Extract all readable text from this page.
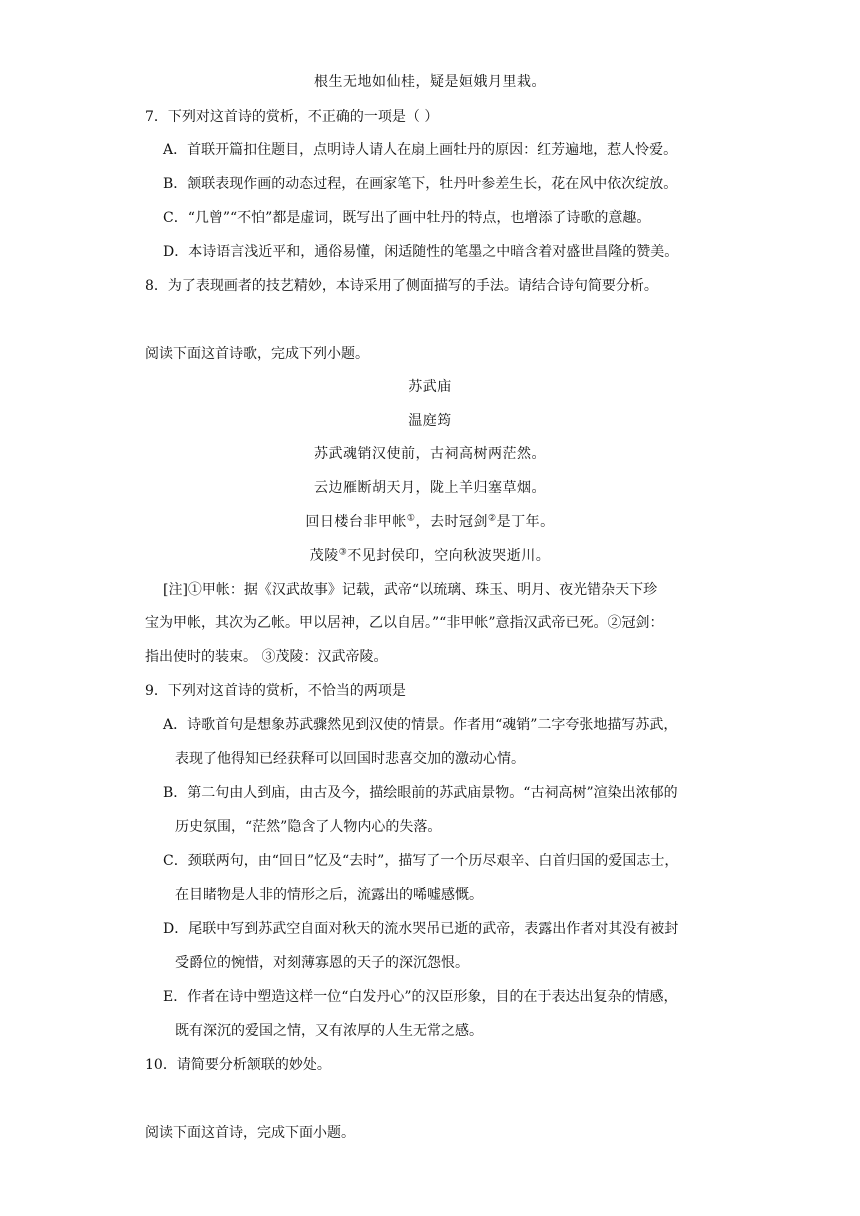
根生无地如仙桂，疑是姮娥月里栽。
7．下列对这首诗的赏析，不正确的一项是（ ）
A．首联开篇扣住题目，点明诗人请人在扇上画牡丹的原因：红芳遍地，惹人怜爱。
B．颔联表现作画的动态过程，在画家笔下，牡丹叶参差生长，花在风中依次绽放。
C．“几曾”“不怕”都是虚词，既写出了画中牡丹的特点，也增添了诗歌的意趣。
D．本诗语言浅近平和，通俗易懂，闲适随性的笔墨之中暗含着对盛世昌隆的赞美。
8．为了表现画者的技艺精妙，本诗采用了侧面描写的手法。请结合诗句简要分析。
阅读下面这首诗歌，完成下列小题。
苏武庙
温庭筠
苏武魂销汉使前，古祠高树两茫然。
云边雁断胡天月，陇上羊归塞草烟。
回日楼台非甲帐①，去时冠剑②是丁年。
茂陵③不见封侯印，空向秋波哭逝川。
[注]①甲帐：据《汉武故事》记载，武帝“以琉璃、珠玉、明月、夜光错杂天下珍
宝为甲帐，其次为乙帐。甲以居神，乙以自居。”“非甲帐”意指汉武帝已死。②冠剑：
指出使时的装束。 ③茂陵：汉武帝陵。
9．下列对这首诗的赏析，不恰当的两项是
A．诗歌首句是想象苏武骤然见到汉使的情景。作者用“魂销”二字夸张地描写苏武，
表现了他得知已经获释可以回国时悲喜交加的激动心情。
B．第二句由人到庙，由古及今，描绘眼前的苏武庙景物。“古祠高树”渲染出浓郁的
历史氛围，“茫然”隐含了人物内心的失落。
C．颈联两句，由“回日”忆及“去时”，描写了一个历尽艰辛、白首归国的爱国志士，
在目睹物是人非的情形之后，流露出的唏嘘感慨。
D．尾联中写到苏武空自面对秋天的流水哭吊已逝的武帝，表露出作者对其没有被封
受爵位的惋惜，对刻薄寡恩的天子的深沉怨恨。
E．作者在诗中塑造这样一位“白发丹心”的汉臣形象，目的在于表达出复杂的情感，
既有深沉的爱国之情，又有浓厚的人生无常之感。
10．请简要分析颔联的妙处。
阅读下面这首诗，完成下面小题。
